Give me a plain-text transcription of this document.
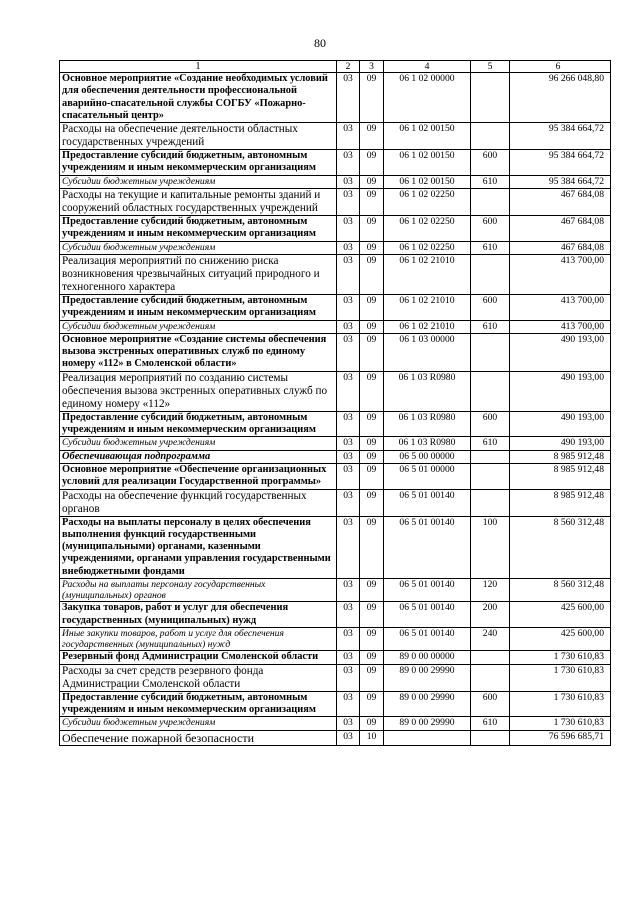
80
1	2	3	4	5	6
Основное мероприятие «Создание необходимых условий для обеспечения деятельности профессиональной аварийно-спасательной службы СОГБУ «Пожарно-спасательный центр»	03	09	06 1 02 00000		96 266 048,80
Расходы на обеспечение деятельности областных государственных учреждений	03	09	06 1 02 00150		95 384 664,72
Предоставление субсидий бюджетным, автономным учреждениям и иным некоммерческим организациям	03	09	06 1 02 00150	600	95 384 664,72
Субсидии бюджетным учреждениям	03	09	06 1 02 00150	610	95 384 664,72
Расходы на текущие и капитальные ремонты зданий и сооружений областных государственных учреждений	03	09	06 1 02 02250		467 684,08
Предоставление субсидий бюджетным, автономным учреждениям и иным некоммерческим организациям	03	09	06 1 02 02250	600	467 684,08
Субсидии бюджетным учреждениям	03	09	06 1 02 02250	610	467 684,08
Реализация мероприятий по снижению риска возникновения чрезвычайных ситуаций природного и техногенного характера	03	09	06 1 02 21010		413 700,00
Предоставление субсидий бюджетным, автономным учреждениям и иным некоммерческим организациям	03	09	06 1 02 21010	600	413 700,00
Субсидии бюджетным учреждениям	03	09	06 1 02 21010	610	413 700,00
Основное мероприятие «Создание системы обеспечения вызова экстренных оперативных служб по единому номеру «112» в Смоленской области»	03	09	06 1 03 00000		490 193,00
Реализация мероприятий по созданию системы обеспечения вызова экстренных оперативных служб по единому номеру «112»	03	09	06 1 03 R0980		490 193,00
Предоставление субсидий бюджетным, автономным учреждениям и иным некоммерческим организациям	03	09	06 1 03 R0980	600	490 193,00
Субсидии бюджетным учреждениям	03	09	06 1 03 R0980	610	490 193,00
Обеспечивающая подпрограмма	03	09	06 5 00 00000		8 985 912,48
Основное мероприятие «Обеспечение организационных условий для реализации Государственной программы»	03	09	06 5 01 00000		8 985 912,48
Расходы на обеспечение функций государственных органов	03	09	06 5 01 00140		8 985 912,48
Расходы на выплаты персоналу в целях обеспечения выполнения функций государственными (муниципальными) органами, казенными учреждениями, органами управления государственными внебюджетными фондами	03	09	06 5 01 00140	100	8 560 312,48
Расходы на выплаты персоналу государственных (муниципальных) органов	03	09	06 5 01 00140	120	8 560 312,48
Закупка товаров, работ и услуг для обеспечения государственных (муниципальных) нужд	03	09	06 5 01 00140	200	425 600,00
Иные закупки товаров, работ и услуг для обеспечения государственных (муниципальных) нужд	03	09	06 5 01 00140	240	425 600,00
Резервный фонд Администрации Смоленской области	03	09	89 0 00 00000		1 730 610,83
Расходы за счет средств резервного фонда Администрации Смоленской области	03	09	89 0 00 29990		1 730 610,83
Предоставление субсидий бюджетным, автономным учреждениям и иным некоммерческим организациям	03	09	89 0 00 29990	600	1 730 610,83
Субсидии бюджетным учреждениям	03	09	89 0 00 29990	610	1 730 610,83
Обеспечение пожарной безопасности	03	10			76 596 685,71
